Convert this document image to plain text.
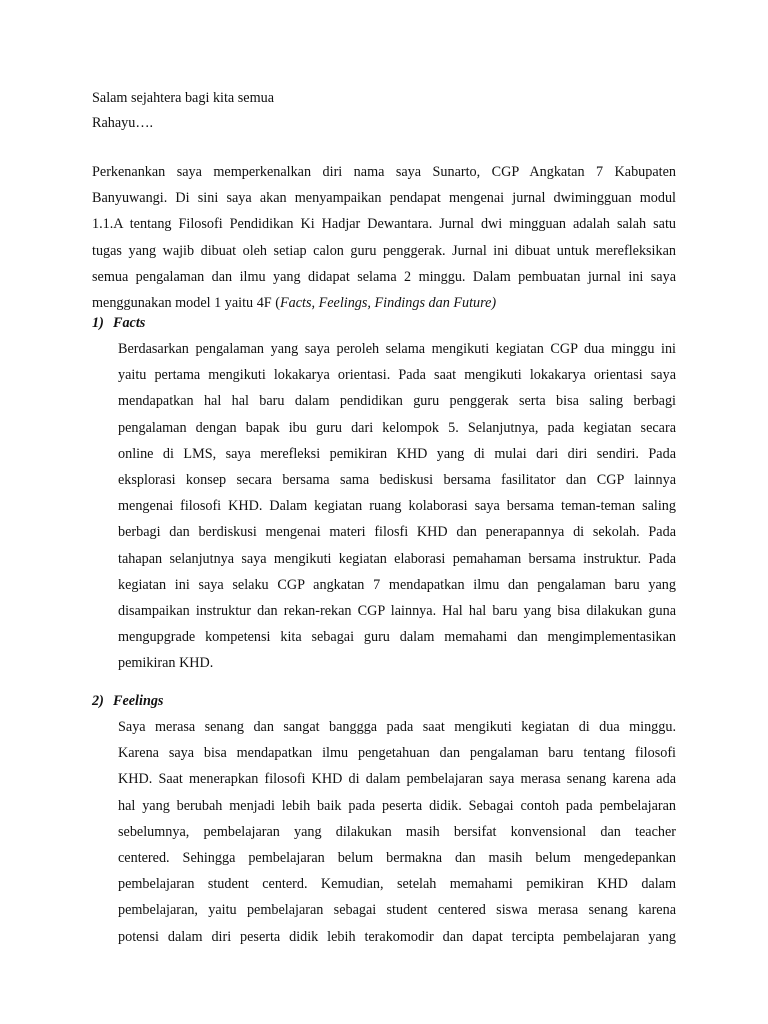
Salam sejahtera bagi kita semua
Rahayu….
Perkenankan saya memperkenalkan diri nama saya Sunarto, CGP Angkatan 7 Kabupaten
Banyuwangi. Di sini saya akan menyampaikan pendapat mengenai jurnal dwimingguan modul
1.1.A tentang Filosofi Pendidikan Ki Hadjar Dewantara. Jurnal dwi mingguan adalah salah satu
tugas yang wajib dibuat oleh setiap calon guru penggerak. Jurnal ini dibuat untuk merefleksikan
semua pengalaman dan ilmu yang didapat selama 2 minggu. Dalam pembuatan jurnal ini saya
menggunakan model 1 yaitu 4F (Facts, Feelings, Findings dan Future)
1) Facts
Berdasarkan pengalaman yang saya peroleh selama mengikuti kegiatan CGP dua minggu ini
yaitu pertama mengikuti lokakarya orientasi. Pada saat mengikuti lokakarya orientasi saya
mendapatkan hal hal baru dalam pendidikan guru penggerak serta bisa saling berbagi
pengalaman dengan bapak ibu guru dari kelompok 5. Selanjutnya, pada kegiatan secara
online di LMS, saya merefleksi pemikiran KHD yang di mulai dari diri sendiri. Pada
eksplorasi konsep secara bersama sama bediskusi bersama fasilitator dan CGP lainnya
mengenai filosofi KHD. Dalam kegiatan ruang kolaborasi saya bersama teman-teman saling
berbagi dan berdiskusi mengenai materi filosfi KHD dan penerapannya di sekolah. Pada
tahapan selanjutnya saya mengikuti kegiatan elaborasi pemahaman bersama instruktur. Pada
kegiatan ini saya selaku CGP angkatan 7 mendapatkan ilmu dan pengalaman baru yang
disampaikan instruktur dan rekan-rekan CGP lainnya. Hal hal baru yang bisa dilakukan guna
mengupgrade kompetensi kita sebagai guru dalam memahami dan mengimplementasikan
pemikiran KHD.
2) Feelings
Saya merasa senang dan sangat banggga pada saat mengikuti kegiatan di dua minggu.
Karena saya bisa mendapatkan ilmu pengetahuan dan pengalaman baru tentang filosofi
KHD. Saat menerapkan filosofi KHD di dalam pembelajaran saya merasa senang karena ada
hal yang berubah menjadi lebih baik pada peserta didik. Sebagai contoh pada pembelajaran
sebelumnya, pembelajaran yang dilakukan masih bersifat konvensional dan teacher
centered. Sehingga pembelajaran belum bermakna dan masih belum mengedepankan
pembelajaran student centerd. Kemudian, setelah memahami pemikiran KHD dalam
pembelajaran, yaitu pembelajaran sebagai student centered siswa merasa senang karena
potensi dalam diri peserta didik lebih terakomodir dan dapat tercipta pembelajaran yang
